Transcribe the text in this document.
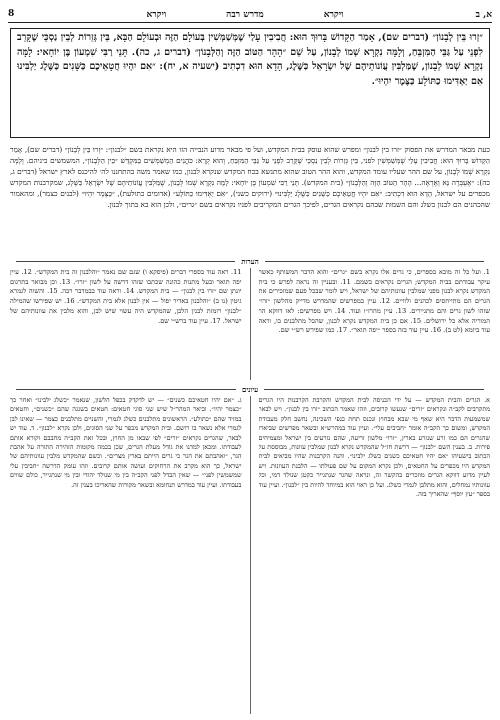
8	ויקרא	מדרש רבה	ויקרא	א, ב
״זְרוּ בֵּין לְבָנוֹן״ (דברים שם), אָמַר הַקָּדוֹשׁ בָּרוּךְ הוּא: חֲבִיבִין עָלַי שֶׁמְּשַׁמְּשִׁין בְּעוֹלָם הַזֶּה וּבְעוֹלָם הַבָּא, בֵּין גְּזֵרוֹת לְבֵין נַסְכֵּי שֶׁקָּרֵב לִפְנֵי עַל גַּבֵּי הַמִּזְבֵּחַ, וְלָמָּה נִקְרָא שְׁמוֹ לְבָנוֹן, עַל שֵׁם ״הָהָר הַטּוֹב הַזֶּה וְהַלְּבָנוֹן״ (דברים ג, כה). תָּנֵי רַבִּי שִׁמְעוֹן בֶּן יוֹחָאי: לָמָּה נִקְרָא שְׁמוֹ לְבָנוֹן, שֶׁמַּלְבִּין עֲוֹנוֹתֵיהֶם שֶׁל יִשְׂרָאֵל כַּשֶּׁלֶג, הָדָא הוּא דִכְתִיב (ישעיה א, יח): ״אִם יִהְיוּ חֲטָאֵיכֶם כַּשָּׁנִים כַּשֶּׁלֶג יַלְבִּינוּ אִם יַאְדִּימוּ כַתּוֹלָע כַּצֶּמֶר יִהְיוּ״.
כעת מבאר המדרש את הפסוק ״זרו בין לבנון״ ומפרש שהוא עוסק בבית המקדש, ועל פי מבאר מדוע הנבייה הזו היא נקראת בשם ״לבנון״: ״זְרוּ בֵּין לְבָנוֹן״ (דברים שם), אָמַר הַקָּדוֹשׁ בָּרוּךְ הוּא: חֲבִיבִין עָלַי שֶׁמְּשַׁמְּשִׁין לפני, בֵּין גְּזֵרוֹת לְבֵין נַסְכֵּי שֶׁקָּרֵב לִפְנֵי עַל גַּבֵּי הַמִּזְבֵּחַ, וְהוּא קְרָא: כֹּהֲנִים הַמְשַׁמְּשִׁים בַּמִּקְדָּשׁ ״בֵּין הַלְּבָנוֹן״, המשמשים ביניהם. וְלָמָּה נִקְרָא שְׁמוֹ לְבָנוֹן, על שם ההר שעליו עומד המקדש, והוא ההר הטוב שהוא מתנשא בכח המקדש שנקרא לבנון, כמו שאמר משה בהתחננו לה׳ להיכנס לארץ ישראל (דברים ג, כה): ״אֶעְבְּרָה נָּא וְאֶרְאֶה... הָהָר הַטּוֹב הַזֶּה וְהַלְּבָנוֹן״ (בית המקדש). תָּנֵי רַבִּי שִׁמְעוֹן בֶּן יוֹחָאי: לָמָּה נִקְרָא שְׁמוֹ לְבָנוֹן, שֶׁמַּלְבִּין עֲוֹנוֹתֵיהֶם שֶׁל יִשְׂרָאֵל כַּשֶּׁלֶג, שמקרבנות המקדש מכפרים על ישראל, הָדָא הוּא דִכְתִיב: ״אִם יִהְיוּ חֲטָאֵיכֶם כַּשָּׁנִים כַּשֶּׁלֶג יַלְבִּינוּ״ (ירוקים כשני), ״אִם יַאְדִּימוּ כַתּוֹלָע״ (אדומים כתולעת), ״כַּצֶּמֶר יִהְיוּ״ (לבנים כצמר), ומהאמור שהכהנים הם לבנון כשלג והם השמות שבהם נקראים הגרים, לפיכך הגרים המקריבים לפניו נקראים בשם ״גרים״, ולכן הוא בא בתוך לבנון.
הערות
1. ועל כל זה מובא בספרים, כי גרים אלו נקרא בשם ״גרים״ והוא הדבר המשותף כאשר עיקר עבודתם בבית המקדש; הגרים נקראים בשמם. 11. ובעניין זה נראה לפרש כי בית המקדש נקרא לבנון מפני שמלבין עוונותיהם של ישראל, ויש לומר שבכל פעם שמזכירים את הגרים הם מתייחסים לכהנים ולוויים. 12. עיין במפרשים שהמדרש מדייק מהלשון ״זרו״ שזהו לשון גרים והם מתגיירים. 13. עיין מהרז״ו ועוד. 14. ויש מפרשים: לאו דווקא הר המוריה אלא כל ירושלים. 15. אם כן בית המקדש נקרא לבנון, שהכל מתלבנים בו, וראה עוד ביומא (לט ב). 16. עיין עוד בזה בספר ״יפה תואר״. 17. כמו שפירש רש״י שם.
11. ראה עוד בספרי דברים (פיסקא ו) שגם שם נאמר ״והלבנון זה בית המקדש״. 12. עיין יפה תואר ובעל מתנות כהונה שכתבו שזהו דרשה על לשון ״זרו״. 13. וכן מבואר בתרגום יונתן שם ״זרו בין לבנון״ — בית המקדש. 14. וראה עוד בבמדבר רבה. 15. והשוה לגמרא גיטין (נו ב) ״והלבנון באדיר יפול — אין לבנון אלא בית המקדש״. 16. יש שפירשו שהמילה ״לבנון״ רומזת לבנין הלבן, שהמקדש היה עשוי שיש לבן, והוא מלבין את עוונותיהם של ישראל. 17. עיין עוד ברש״י שם.
עיונים
א. הגרים והבית המקדש — על ידי הכניסה לבית המקדש והקרבת הקרבנות היו הגרים מתקרבים לקב״ה ונקראים ״זרים״ שנעשו קרובים, וזהו שאמר הכתוב ״זרו בין לבנון״. ויש לבאר שמשמעות הדבר היא שאף מי שבא מבחוץ ונכנס תחת כנפי השכינה, נחשב חלק מעבודת המקדש, ומשום כך הקב״ה אומר ״חביבים עלי״. ועיין עוד במהרש״א ובשאר מפרשים שביארו שהגרים הם כמו זרע שנזרע בארץ, ״זרו״ מלשון זריעה, שהם נזרעים בין ישראל ומצמיחים פירות. ב. בענין השם ״לבנון״ — דרשת חז״ל שהמקדש נקרא לבנון שמלבין עוונות, מבוססת על הכתוב בישעיהו ״אם יהיו חטאיכם כשנים כשלג ילבינו״. והנה הקרבנות שהיו מביאים לבית המקדש היו מכפרים על החטאים, ולכן נקרא המקום על שם פעולתו — הלבנת העוונות. ויש לעיין מדוע דווקא הגרים מוזכרים בהקשר זה, ונראה שהגר שנתגייר כקטן שנולד דמי, וכל עוונותיו נמחלים, והוא מתלבן לגמרי כשלג. ועל כן ראוי הוא במיוחד להיות בין ״לבנון״. ועיין עוד בספר ״עץ יוסף״ שהאריך בזה.
ג. ״אם יהיו חטאיכם כשנים״ — יש לדקדק בכפל הלשון, שנאמר ״כשלג ילבינו״ ואחר כך ״כצמר יהיו״. וביאר המהר״ל שיש שני סוגי חטאים: חטאים בשגגה שהם ״כשנים״, וחטאים במזיד שהם ״כתולע״. הראשונים מתלבנים כשלג לגמרי, והשניים מתלבנים כצמר — שאינו לבן לגמרי אלא נשאר בו רושם. ובית המקדש מכפר על שני הסוגים, ולכן נקרא ״לבנון״. ד. עוד יש לבאר, שהגרים נקראים ״זרים״ לפי שבאו מן החוץ, ובכל זאת הקב״ה מחבבם וקורא אותם לעבודתו. ומכאן למדנו את גודל מעלת הגרים, שכן בכמה מקומות הזהירה התורה על אהבת הגר, ״ואהבתם את הגר כי גרים הייתם בארץ מצרים״. וכשם שהמקדש מלבין עוונותיהם של ישראל, כך הוא מקרב את הרחוקים ועושה אותם קרובים. וזהו עומק הדרשה ״חביבין עלי שמשמשין לפני״ — שאין הבדל לפני הקב״ה בין מי שנולד יהודי ובין מי שנתגייר, כולם שווים בעבודתו. ועיין עוד במדרש תנחומא ובשאר מקורות שהאריכו בענין זה.
